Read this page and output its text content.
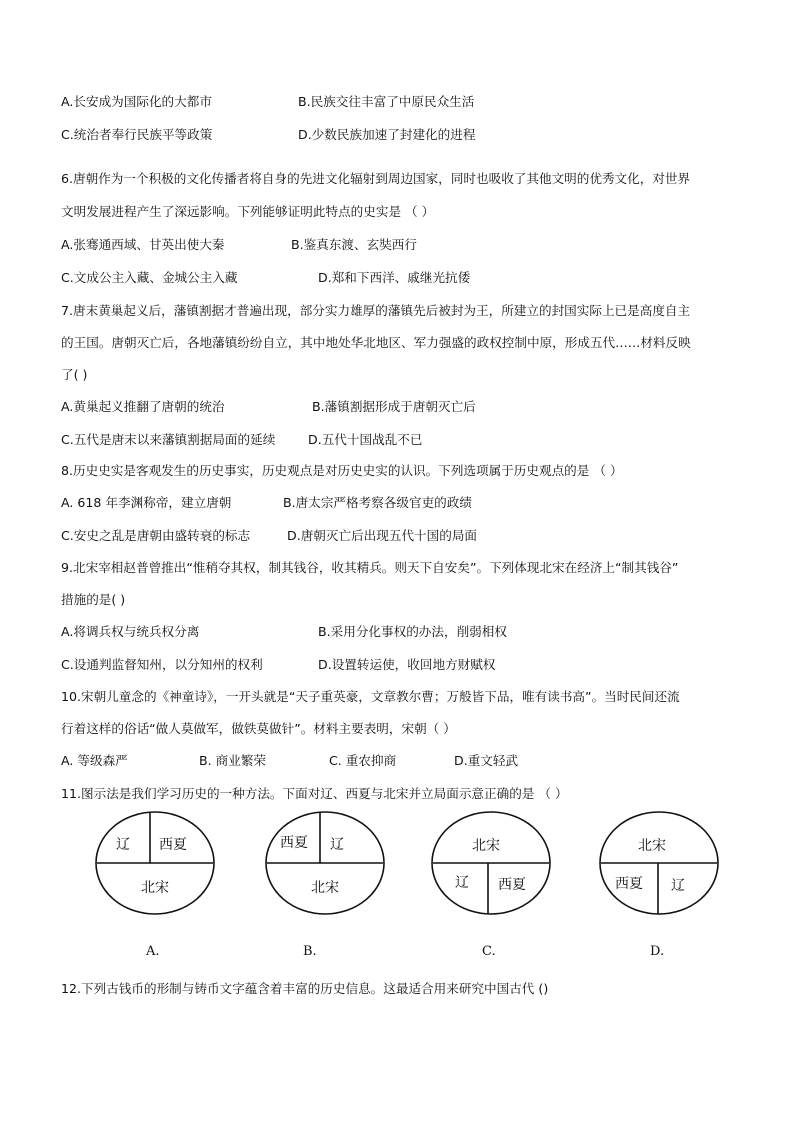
A.长安成为国际化的大都市	B.民族交往丰富了中原民众生活
C.统治者奉行民族平等政策	D.少数民族加速了封建化的进程
6.唐朝作为一个积极的文化传播者将自身的先进文化辐射到周边国家，同时也吸收了其他文明的优秀文化，对世界
文明发展进程产生了深远影响。下列能够证明此特点的史实是 （ ）
A.张骞通西域、甘英出使大秦	B.鉴真东渡、玄奘西行
C.文成公主入藏、金城公主入藏	D.郑和下西洋、戚继光抗倭
7.唐末黄巢起义后，藩镇割据才普遍出现，部分实力雄厚的藩镇先后被封为王，所建立的封国实际上已是高度自主
的王国。唐朝灭亡后，各地藩镇纷纷自立，其中地处华北地区、军力强盛的政权控制中原，形成五代……材料反映
了( )
A.黄巢起义推翻了唐朝的统治	B.藩镇割据形成于唐朝灭亡后
C.五代是唐末以来藩镇割据局面的延续	D.五代十国战乱不已
8.历史史实是客观发生的历史事实，历史观点是对历史史实的认识。下列选项属于历史观点的是 （ ）
A. 618 年李渊称帝，建立唐朝	B.唐太宗严格考察各级官吏的政绩
C.安史之乱是唐朝由盛转衰的标志	D.唐朝灭亡后出现五代十国的局面
9.北宋宰相赵普曾推出“惟稍夺其权，制其钱谷，收其精兵。则天下自安矣”。下列体现北宋在经济上“制其钱谷”
措施的是( )
A.将调兵权与统兵权分离	B.采用分化事权的办法，削弱相权
C.设通判监督知州，以分知州的权利	D.设置转运使，收回地方财赋权
10.宋朝儿童念的《神童诗》，一开头就是“天子重英豪，文章教尔曹；万般皆下品，唯有读书高”。当时民间还流
行着这样的俗话“做人莫做军，做铁莫做针”。材料主要表明，宋朝（ ）
A. 等级森严	B. 商业繁荣	C. 重农抑商	D.重文轻武
11.图示法是我们学习历史的一种方法。下面对辽、西夏与北宋并立局面示意正确的是 （ ）
辽 西夏
北宋
A.
西夏 辽
北宋
B.
北宋
辽 西夏
C.
北宋
西夏 辽
D.
12.下列古钱币的形制与铸币文字蕴含着丰富的历史信息。这最适合用来研究中国古代 ()
